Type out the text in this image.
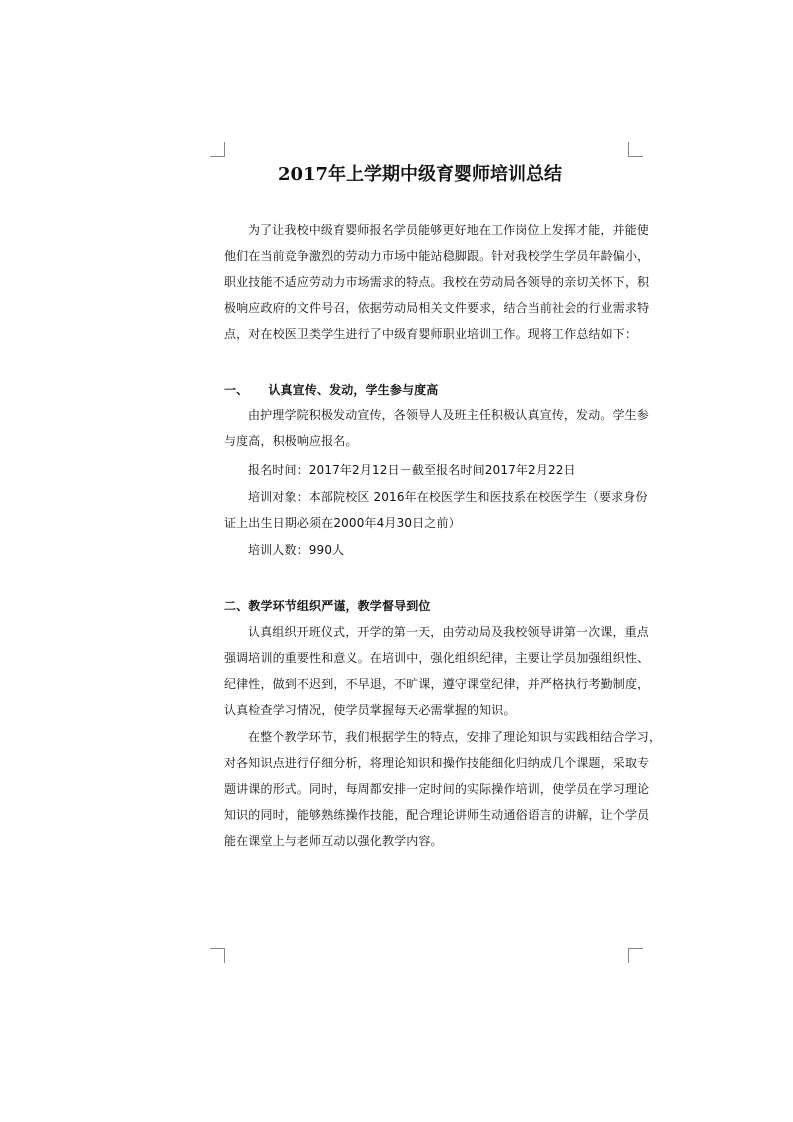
2017年上学期中级育婴师培训总结
为了让我校中级育婴师报名学员能够更好地在工作岗位上发挥才能，并能使
他们在当前竞争激烈的劳动力市场中能站稳脚跟。针对我校学生学员年龄偏小，
职业技能不适应劳动力市场需求的特点。我校在劳动局各领导的亲切关怀下，积
极响应政府的文件号召，依据劳动局相关文件要求，结合当前社会的行业需求特
点，对在校医卫类学生进行了中级育婴师职业培训工作。现将工作总结如下：
一、 认真宣传、发动，学生参与度高
由护理学院积极发动宣传，各领导人及班主任积极认真宣传，发动。学生参
与度高，积极响应报名。
报名时间：2017年2月12日－截至报名时间2017年2月22日
培训对象：本部院校区 2016年在校医学生和医技系在校医学生（要求身份
证上出生日期必须在2000年4月30日之前）
培训人数：990人
二、教学环节组织严谨，教学督导到位
认真组织开班仪式，开学的第一天，由劳动局及我校领导讲第一次课，重点
强调培训的重要性和意义。在培训中，强化组织纪律，主要让学员加强组织性、
纪律性，做到不迟到，不早退，不旷课，遵守课堂纪律，并严格执行考勤制度，
认真检查学习情况，使学员掌握每天必需掌握的知识。
在整个教学环节，我们根据学生的特点，安排了理论知识与实践相结合学习，
对各知识点进行仔细分析，将理论知识和操作技能细化归纳成几个课题，采取专
题讲课的形式。同时，每周都安排一定时间的实际操作培训，使学员在学习理论
知识的同时，能够熟练操作技能，配合理论讲师生动通俗语言的讲解，让个学员
能在课堂上与老师互动以强化教学内容。
